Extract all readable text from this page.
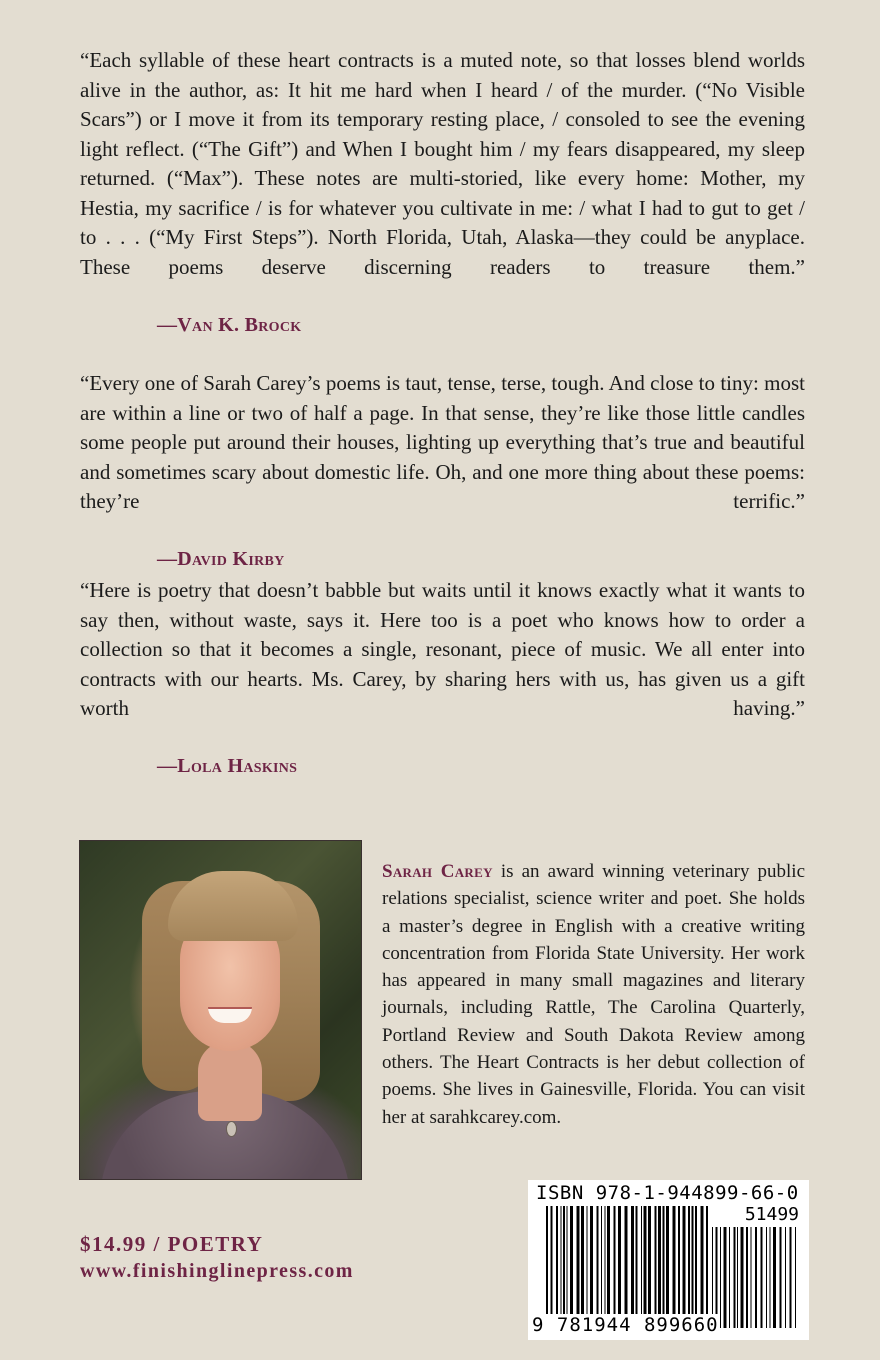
“Each syllable of these heart contracts is a muted note, so that losses blend worlds alive in the author, as: It hit me hard when I heard / of the murder. (“No Visible Scars”) or I move it from its temporary resting place, / consoled to see the evening light reflect. (“The Gift”) and When I bought him / my fears disappeared, my sleep returned. (“Max”). These notes are multi-storied, like every home: Mother, my Hestia, my sacrifice / is for whatever you cultivate in me: / what I had to gut to get / to . . . (“My First Steps”). North Florida, Utah, Alaska—they could be anyplace. These poems deserve discerning readers to treasure them.”

—Van K. Brock

“Every one of Sarah Carey’s poems is taut, tense, terse, tough. And close to tiny: most are within a line or two of half a page. In that sense, they’re like those little candles some people put around their houses, lighting up everything that’s true and beautiful and sometimes scary about domestic life. Oh, and one more thing about these poems: they’re terrific.”

—David Kirby

“Here is poetry that doesn’t babble but waits until it knows exactly what it wants to say then, without waste, says it. Here too is a poet who knows how to order a collection so that it becomes a single, resonant, piece of music. We all enter into contracts with our hearts. Ms. Carey, by sharing hers with us, has given us a gift worth having.”

—Lola Haskins

Sarah Carey is an award winning veterinary public relations specialist, science writer and poet. She holds a master’s degree in English with a creative writing concentration from Florida State University. Her work has appeared in many small magazines and literary journals, including Rattle, The Carolina Quarterly, Portland Review and South Dakota Review among others. The Heart Contracts is her debut collection of poems. She lives in Gainesville, Florida. You can visit her at sarahkcarey.com.

ISBN 978-1-944899-66-0
51499
9 781944 899660

$14.99 / POETRY

www.finishinglinepress.com
